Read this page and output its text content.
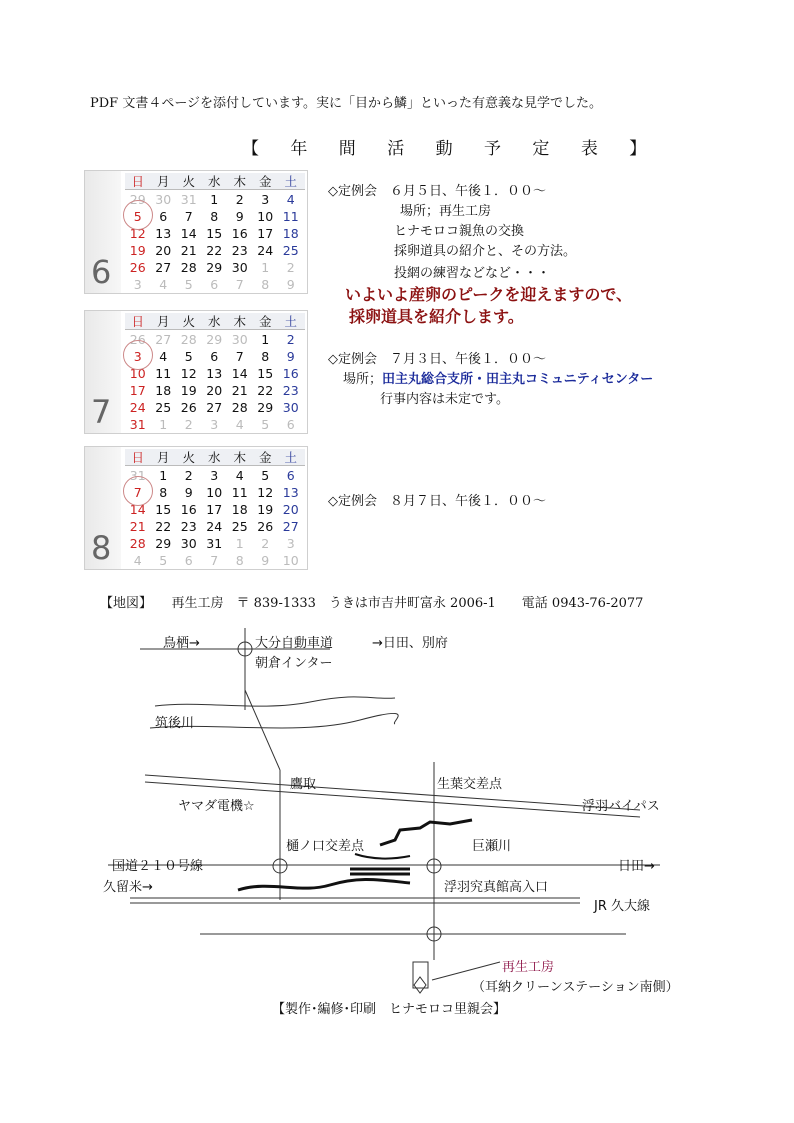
PDF 文書４ページを添付しています。実に「目から鱗」といった有意義な見学でした。
【 年 間 活 動 予 定 表 】
6
日	月	火	水	木	金	土
29 30 31	1	2	3	4
5	6	7	8	9	10 11
12 13 14 15 16 17 18
19 20 21 22 23 24 25
26 27 28 29 30	1	2
3	4	5	6	7	8	9
7
日	月	火	水	木	金	土
26 27 28 29 30	1	2
3	4	5	6	7	8	9
10 11 12 13 14 15 16
17 18 19 20 21 22 23
24 25 26 27 28 29 30
31	1	2	3	4	5	6
8
日	月	火	水	木	金	土
31	1	2	3	4	5	6
7	8	9	10 11 12 13
14 15 16 17 18 19 20
21 22 23 24 25 26 27
28 29 30 31	1	2	3
4	5	6	7	8	9	10
◇定例会　６月５日、午後１．００～
場所；再生工房
ヒナモロコ親魚の交換
採卵道具の紹介と、その方法。
投網の練習などなど・・・
いよいよ産卵のピークを迎えますので、
採卵道具を紹介します。
◇定例会　７月３日、午後１．００～
場所；田主丸総合支所・田主丸コミュニティセンター
行事内容は未定です。
◇定例会　８月７日、午後１．００～
【地図】　　再生工房　〒 839-1333　うきは市吉井町富永 2006-1　　電話 0943-76-2077
鳥栖→	大分自動車道	→日田、別府
朝倉インター
筑後川
鷹取	生葉交差点
ヤマダ電機☆	浮羽バイパス
樋ノ口交差点	巨瀬川
国道２１０号線	日田→
久留米→	浮羽究真館高入口
JR 久大線
再生工房
（耳納クリーンステーション南側）
【製作･編修･印刷　ヒナモロコ里親会】
